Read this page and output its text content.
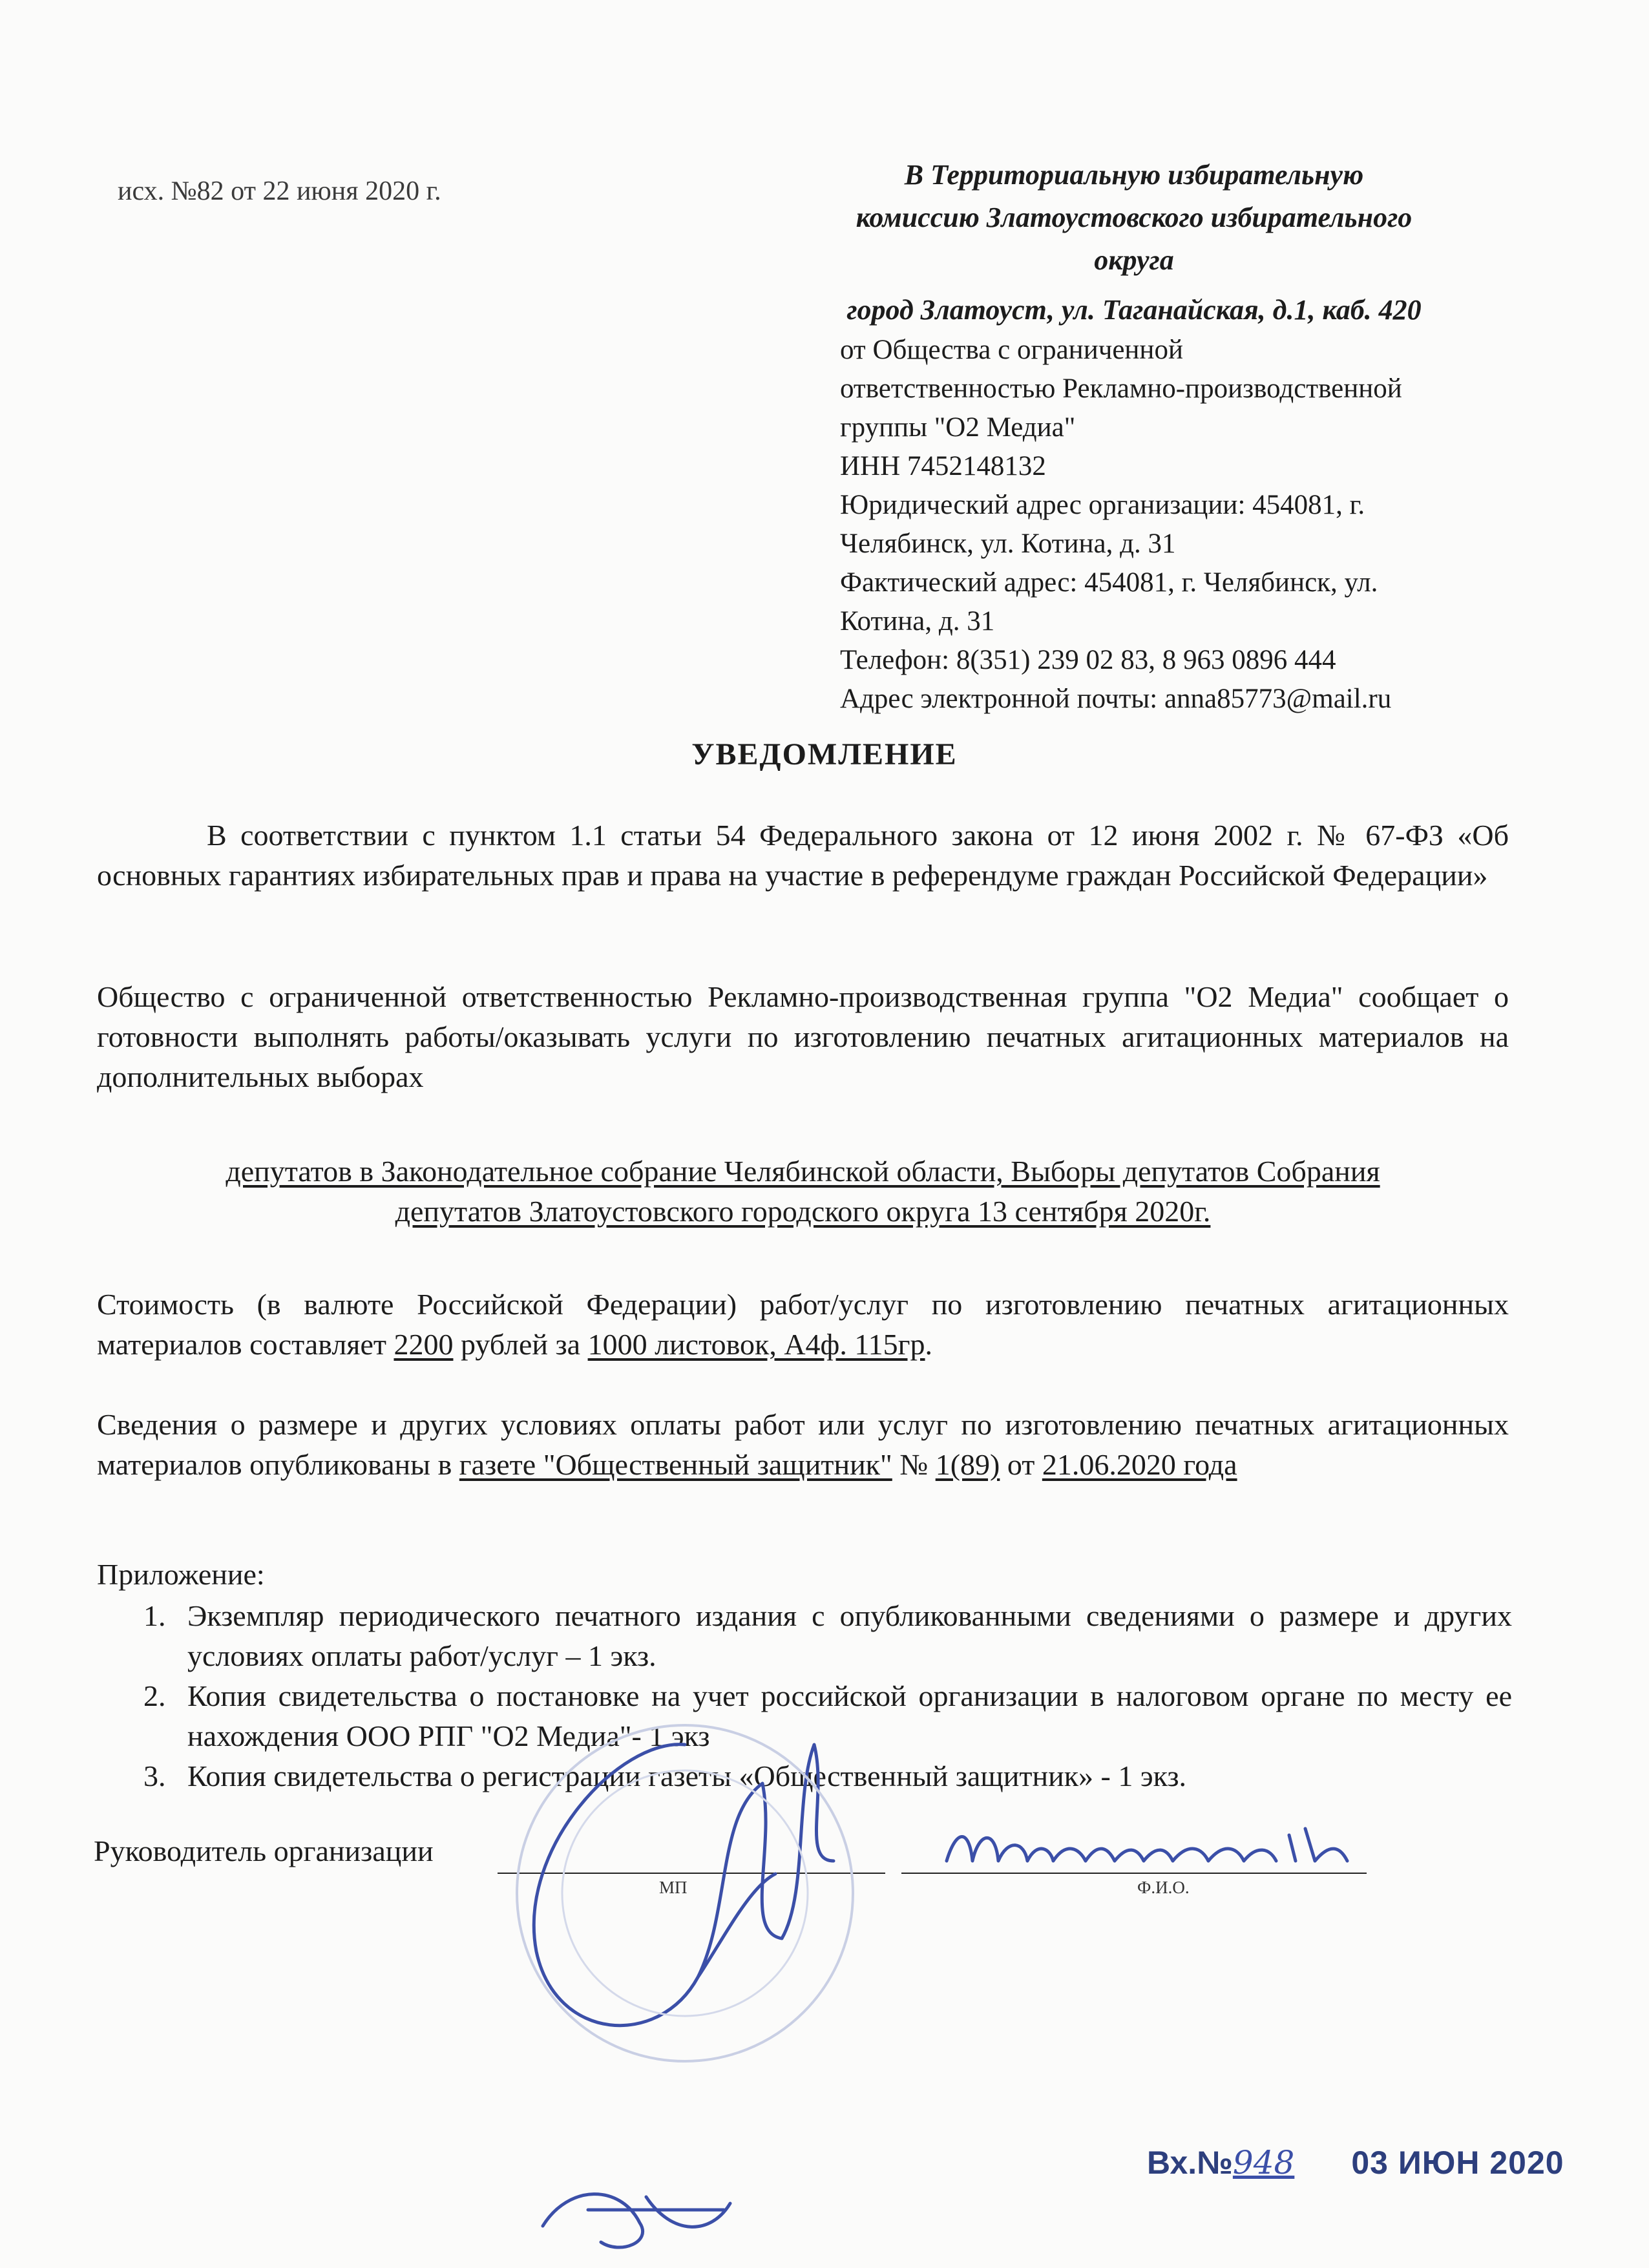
исх. №82 от 22 июня 2020 г.
В Территориальную избирательную
комиссию Златоустовского избирательного
округа
город Златоуст, ул. Таганайская, д.1, каб. 420
от Общества с ограниченной
ответственностью Рекламно-производственной
группы "О2 Медиа"
ИНН 7452148132
Юридический адрес организации: 454081, г.
Челябинск, ул. Котина, д. 31
Фактический адрес: 454081, г. Челябинск, ул.
Котина, д. 31
Телефон: 8(351) 239 02 83, 8 963 0896 444
Адрес электронной почты: anna85773@mail.ru
УВЕДОМЛЕНИЕ
В соответствии с пунктом 1.1 статьи 54 Федерального закона от 12 июня 2002 г. № 67-ФЗ «Об основных гарантиях избирательных прав и права на участие в референдуме граждан Российской Федерации»
Общество с ограниченной ответственностью Рекламно-производственная группа "О2 Медиа" сообщает о готовности выполнять работы/оказывать услуги по изготовлению печатных агитационных материалов на дополнительных выборах
депутатов в Законодательное собрание Челябинской области, Выборы депутатов Собрания
депутатов Златоустовского городского округа 13 сентября 2020г.
Стоимость (в валюте Российской Федерации) работ/услуг по изготовлению печатных агитационных материалов составляет 2200 рублей за 1000 листовок, А4ф. 115гр.
Сведения о размере и других условиях оплаты работ или услуг по изготовлению печатных агитационных материалов опубликованы в газете "Общественный защитник" № 1(89) от 21.06.2020 года
Приложение:
1. Экземпляр периодического печатного издания с опубликованными сведениями о размере и других условиях оплаты работ/услуг – 1 экз.
2. Копия свидетельства о постановке на учет российской организации в налоговом органе по месту ее нахождения ООО РПГ "О2 Медиа"- 1 экз
3. Копия свидетельства о регистрации газеты «Общественный защитник» - 1 экз.
Руководитель организации
МП	Ф.И.О.
Вх.№948 03 ИЮН 2020
